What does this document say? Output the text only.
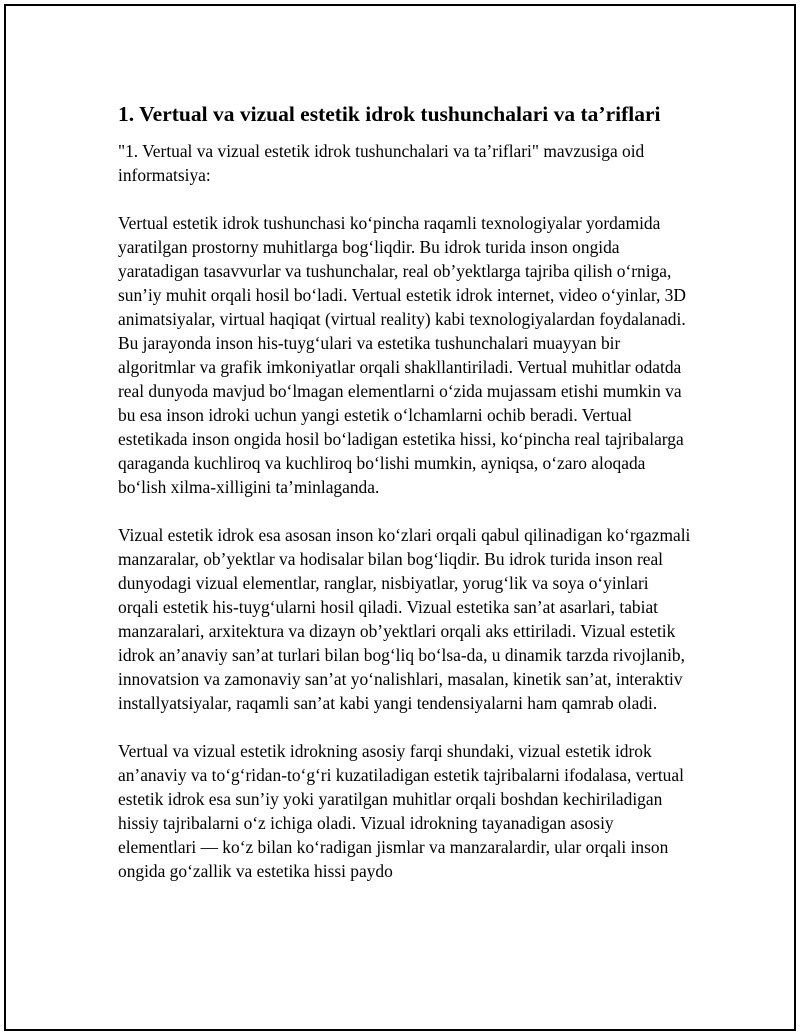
1. Vertual va vizual estetik idrok tushunchalari va ta’riflari

"1. Vertual va vizual estetik idrok tushunchalari va ta’riflari" mavzusiga oid informatsiya:

Vertual estetik idrok tushunchasi ko‘pincha raqamli texnologiyalar yordamida yaratilgan prostorny muhitlarga bog‘liqdir. Bu idrok turida inson ongida yaratadigan tasavvurlar va tushunchalar, real ob’yektlarga tajriba qilish o‘rniga, sun’iy muhit orqali hosil bo‘ladi. Vertual estetik idrok internet, video o‘yinlar, 3D animatsiyalar, virtual haqiqat (virtual reality) kabi texnologiyalardan foydalanadi. Bu jarayonda inson his-tuyg‘ulari va estetika tushunchalari muayyan bir algoritmlar va grafik imkoniyatlar orqali shakllantiriladi. Vertual muhitlar odatda real dunyoda mavjud bo‘lmagan elementlarni o‘zida mujassam etishi mumkin va bu esa inson idroki uchun yangi estetik o‘lchamlarni ochib beradi. Vertual estetikada inson ongida hosil bo‘ladigan estetika hissi, ko‘pincha real tajribalarga qaraganda kuchliroq va kuchliroq bo‘lishi mumkin, ayniqsa, o‘zaro aloqada bo‘lish xilma-xilligini ta’minlaganda.

Vizual estetik idrok esa asosan inson ko‘zlari orqali qabul qilinadigan ko‘rgazmali manzaralar, ob’yektlar va hodisalar bilan bog‘liqdir. Bu idrok turida inson real dunyodagi vizual elementlar, ranglar, nisbiyatlar, yorug‘lik va soya o‘yinlari orqali estetik his-tuyg‘ularni hosil qiladi. Vizual estetika san’at asarlari, tabiat manzaralari, arxitektura va dizayn ob’yektlari orqali aks ettiriladi. Vizual estetik idrok an’anaviy san’at turlari bilan bog‘liq bo‘lsa-da, u dinamik tarzda rivojlanib, innovatsion va zamonaviy san’at yo‘nalishlari, masalan, kinetik san’at, interaktiv installyatsiyalar, raqamli san’at kabi yangi tendensiyalarni ham qamrab oladi.

Vertual va vizual estetik idrokning asosiy farqi shundaki, vizual estetik idrok an’anaviy va to‘g‘ridan-to‘g‘ri kuzatiladigan estetik tajribalarni ifodalasa, vertual estetik idrok esa sun’iy yoki yaratilgan muhitlar orqali boshdan kechiriladigan hissiy tajribalarni o‘z ichiga oladi. Vizual idrokning tayanadigan asosiy elementlari — ko‘z bilan ko‘radigan jismlar va manzaralardir, ular orqali inson ongida go‘zallik va estetika hissi paydo
